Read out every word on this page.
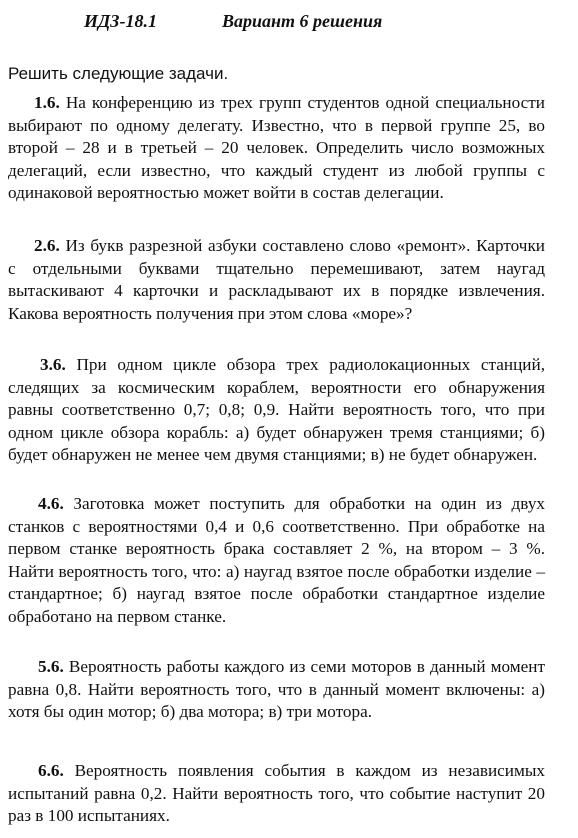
ИДЗ-18.1	Вариант 6 решения
Решить следующие задачи.
1.6. На конференцию из трех групп студентов одной специальности выбирают по одному делегату. Известно, что в первой группе 25, во второй – 28 и в третьей – 20 человек. Определить число возможных делегаций, если известно, что каждый студент из любой группы с одинаковой вероятностью может войти в состав делегации.
2.6. Из букв разрезной азбуки составлено слово «ремонт». Карточки с отдельными буквами тщательно перемешивают, затем наугад вытаскивают 4 карточки и раскладывают их в порядке извлечения. Какова вероятность получения при этом слова «море»?
3.6. При одном цикле обзора трех радиолокационных станций, следящих за космическим кораблем, вероятности его обнаружения равны соответственно 0,7; 0,8; 0,9. Найти вероятность того, что при одном цикле обзора корабль: а) будет обнаружен тремя станциями; б) будет обнаружен не менее чем двумя станциями; в) не будет обнаружен.
4.6. Заготовка может поступить для обработки на один из двух станков с вероятностями 0,4 и 0,6 соответственно. При обработке на первом станке вероятность брака составляет 2 %, на втором – 3 %. Найти вероятность того, что: а) наугад взятое после обработки изделие – стандартное; б) наугад взятое после обработки стандартное изделие обработано на первом станке.
5.6. Вероятность работы каждого из семи моторов в данный момент равна 0,8. Найти вероятность того, что в данный момент включены: а) хотя бы один мотор; б) два мотора; в) три мотора.
6.6. Вероятность появления события в каждом из независимых испытаний равна 0,2. Найти вероятность того, что событие наступит 20 раз в 100 испытаниях.
